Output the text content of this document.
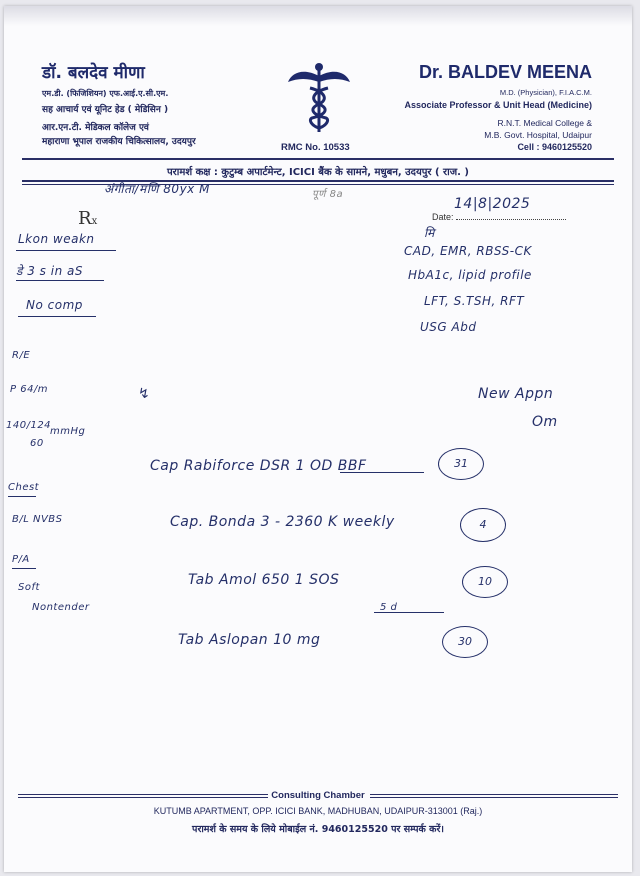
डॉ. बलदेव मीणा
एम.डी. (फिजिशियन) एफ.आई.ए.सी.एम.
सह आचार्य एवं यूनिट हेड ( मेडिसिन )
आर.एन.टी. मेडिकल कॉलेज एवं
महाराणा भूपाल राजकीय चिकित्सालय, उदयपुर	RMC No. 10533
Dr. BALDEV MEENA
M.D. (Physician), F.I.A.C.M.
Associate Professor & Unit Head (Medicine)
R.N.T. Medical College &
M.B. Govt. Hospital, Udaipur
Cell : 9460125520
परामर्श कक्ष : कुटुम्ब अपार्टमेन्ट, ICICI बैंक के सामने, मधुबन, उदयपुर ( राज. )
अंगीता/मणि 80yx M	पूर्ण 8a
14|8|2025
Rx	Date:
मि
Lkon weakn
डे 3 s in aS
No comp
CAD, EMR, RBSS-CK
HbA1c, lipid profile
LFT, S.TSH, RFT
USG Abd
R/E
P 64/m	↯
140/124
mmHg
60
Chest
B/L NVBS
P/A
Soft
Nontender
New Appn
Om
Cap Rabiforce DSR 1 OD BBF	31
Cap. Bonda 3 - 2360 K weekly	4
Tab Amol 650 1 SOS	10
5 d
Tab Aslopan 10 mg	30
Consulting Chamber
KUTUMB APARTMENT, OPP. ICICI BANK, MADHUBAN, UDAIPUR-313001 (Raj.)
परामर्श के समय के लिये मोबाईल नं. 9460125520 पर सम्पर्क करें।
